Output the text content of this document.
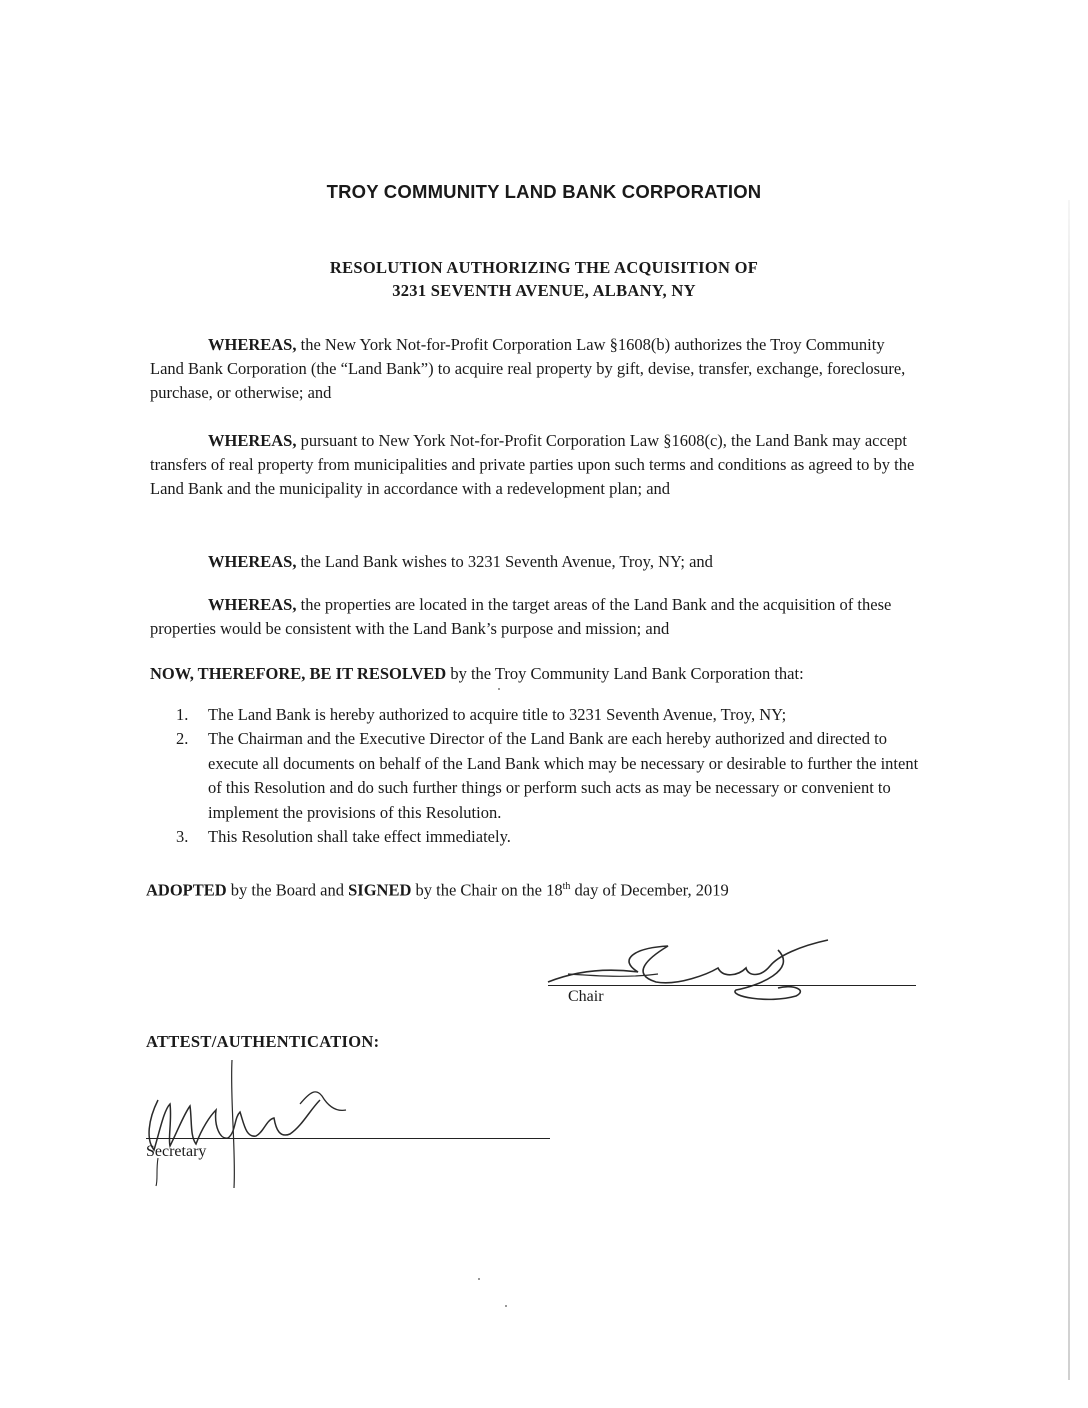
TROY COMMUNITY LAND BANK CORPORATION
RESOLUTION AUTHORIZING THE ACQUISITION OF
3231 SEVENTH AVENUE, ALBANY, NY
WHEREAS, the New York Not-for-Profit Corporation Law §1608(b) authorizes the Troy Community Land Bank Corporation (the “Land Bank”) to acquire real property by gift, devise, transfer, exchange, foreclosure, purchase, or otherwise; and
WHEREAS, pursuant to New York Not-for-Profit Corporation Law §1608(c), the Land Bank may accept transfers of real property from municipalities and private parties upon such terms and conditions as agreed to by the Land Bank and the municipality in accordance with a redevelopment plan; and
WHEREAS, the Land Bank wishes to 3231 Seventh Avenue, Troy, NY; and
WHEREAS, the properties are located in the target areas of the Land Bank and the acquisition of these properties would be consistent with the Land Bank’s purpose and mission; and
NOW, THEREFORE, BE IT RESOLVED by the Troy Community Land Bank Corporation that:
1. The Land Bank is hereby authorized to acquire title to 3231 Seventh Avenue, Troy, NY;
2. The Chairman and the Executive Director of the Land Bank are each hereby authorized and directed to execute all documents on behalf of the Land Bank which may be necessary or desirable to further the intent of this Resolution and do such further things or perform such acts as may be necessary or convenient to implement the provisions of this Resolution.
3. This Resolution shall take effect immediately.
ADOPTED by the Board and SIGNED by the Chair on the 18th day of December, 2019
Chair
ATTEST/AUTHENTICATION:
Secretary
